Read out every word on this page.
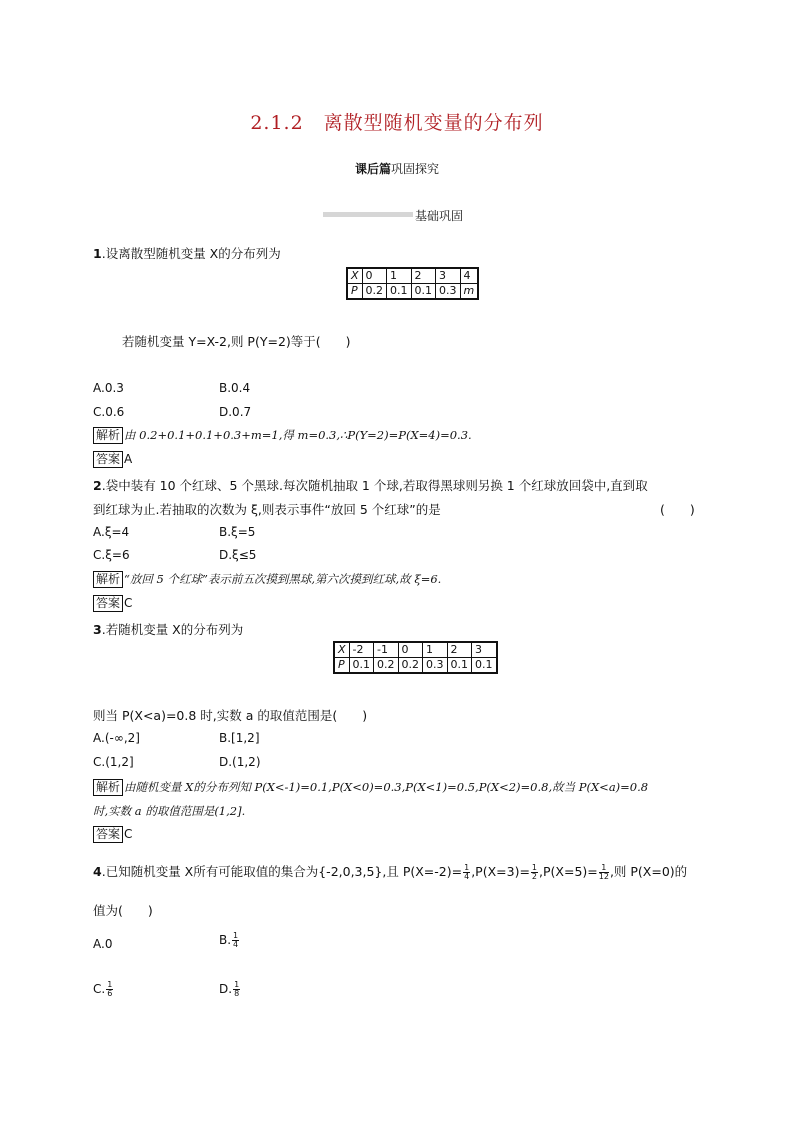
2.1.2　离散型随机变量的分布列
课后篇巩固探究
基础巩固
1.设离散型随机变量 X的分布列为
X	0	1	2	3	4
P	0.2	0.1	0.1	0.3	m
若随机变量 Y=X-2,则 P(Y=2)等于(　　)
A.0.3	B.0.4
C.0.6	D.0.7
解析 由 0.2+0.1+0.1+0.3+m=1,得 m=0.3,∴P(Y=2)=P(X=4)=0.3.
答案 A
2.袋中装有 10 个红球、5 个黑球.每次随机抽取 1 个球,若取得黑球则另换 1 个红球放回袋中,直到取
到红球为止.若抽取的次数为 ξ,则表示事件“放回 5 个红球”的是	(　　)
A.ξ=4	B.ξ=5
C.ξ=6	D.ξ≤5
解析 “放回 5 个红球”表示前五次摸到黑球,第六次摸到红球,故 ξ=6.
答案 C
3.若随机变量 X的分布列为
X	-2	-1	0	1	2	3
P	0.1	0.2	0.2	0.3	0.1	0.1
则当 P(X<a)=0.8 时,实数 a 的取值范围是(　　)
A.(-∞,2]	B.[1,2]
C.(1,2]	D.(1,2)
解析 由随机变量 X的分布列知 P(X<-1)=0.1,P(X<0)=0.3,P(X<1)=0.5,P(X<2)=0.8,故当 P(X<a)=0.8
时,实数 a 的取值范围是(1,2].
答案 C
4.已知随机变量 X所有可能取值的集合为{-2,0,3,5},且 $P(X=-2)= \frac{1}{4} ,P(X=3)= \frac{1}{2} ,P(X=5)= \frac{1}{12}$ ,则 P(X=0)的
值为(　　)
A.0	B. $\frac{1}{4}$
C. $\frac{1}{6}$	D. $\frac{1}{8}$
